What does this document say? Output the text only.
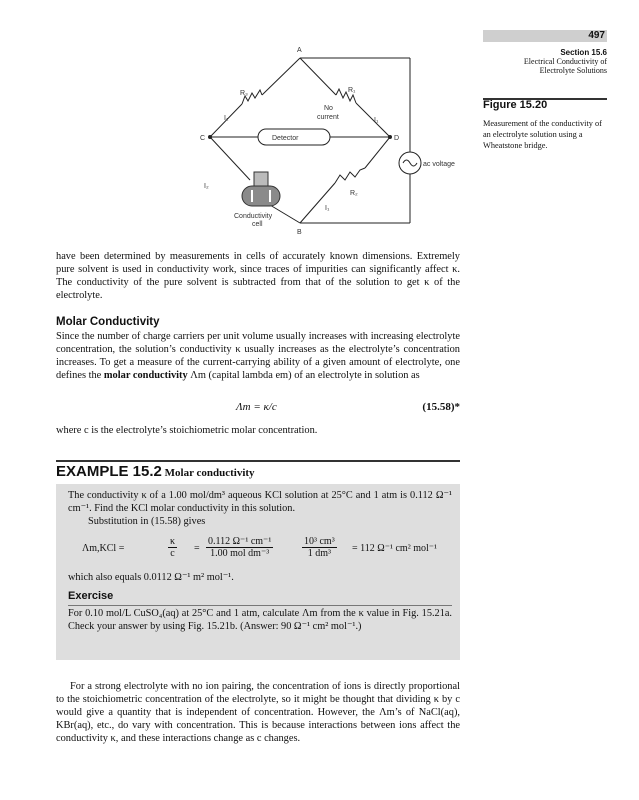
497
Section 15.6
Electrical Conductivity of
Electrolyte Solutions
Figure 15.20
Measurement of the conductivity of an electrolyte solution using a Wheatstone bridge.
A
B
C	D
R₃	R₁
R₂
I₁	I₁
I₁
I₂
No
current
Detector
ac voltage
Conductivity
cell
have been determined by measurements in cells of accurately known dimensions. Extremely pure solvent is used in conductivity work, since traces of impurities can significantly affect κ. The conductivity of the pure solvent is subtracted from that of the solution to get κ of the electrolyte.
Molar Conductivity
Since the number of charge carriers per unit volume usually increases with increasing electrolyte concentration, the solution’s conductivity κ usually increases as the electrolyte’s concentration increases. To get a measure of the current-carrying ability of a given amount of electrolyte, one defines the molar conductivity Λm (capital lambda em) of an electrolyte in solution as
Λm = κ/c	(15.58)*
where c is the electrolyte’s stoichiometric molar concentration.
EXAMPLE 15.2 Molar conductivity
The conductivity κ of a 1.00 mol/dm³ aqueous KCl solution at 25°C and 1 atm is 0.112 Ω⁻¹ cm⁻¹. Find the KCl molar conductivity in this solution.
Substitution in (15.58) gives
Λm,KCl =	$\frac{\kappa}{c}$ =
0.112 Ω⁻¹ cm⁻¹
1.00 mol dm⁻³	$\frac{\text{10³ cm³}}{\text{1 dm³}} = 112$ Ω⁻¹ cm² mol⁻¹
which also equals 0.0112 Ω⁻¹ m² mol⁻¹.
Exercise
For 0.10 mol/L CuSO₄(aq) at 25°C and 1 atm, calculate Λm from the κ value in Fig. 15.21a. Check your answer by using Fig. 15.21b. (Answer: 90 Ω⁻¹ cm² mol⁻¹.)
For a strong electrolyte with no ion pairing, the concentration of ions is directly proportional to the stoichiometric concentration of the electrolyte, so it might be thought that dividing κ by c would give a quantity that is independent of concentration. However, the Λm’s of NaCl(aq), KBr(aq), etc., do vary with concentration. This is because interactions between ions affect the conductivity κ, and these interactions change as c changes.
